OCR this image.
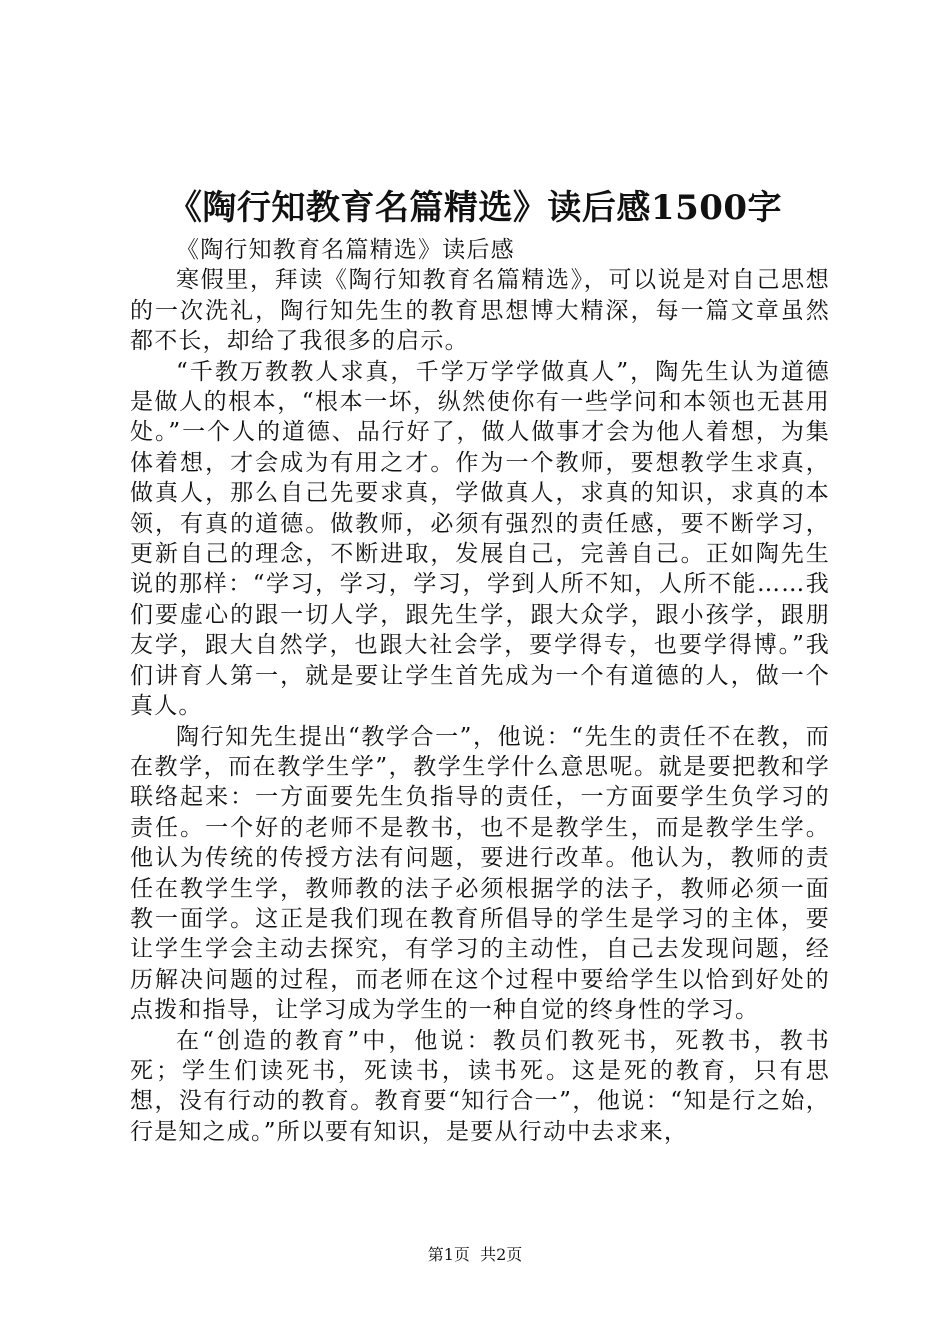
《陶行知教育名篇精选》读后感1500字

《陶行知教育名篇精选》读后感

寒假里，拜读《陶行知教育名篇精选》，可以说是对自己思想的一次洗礼，陶行知先生的教育思想博大精深，每一篇文章虽然都不长，却给了我很多的启示。

“千教万教教人求真，千学万学学做真人”，陶先生认为道德是做人的根本，“根本一坏，纵然使你有一些学问和本领也无甚用处。”一个人的道德、品行好了，做人做事才会为他人着想，为集体着想，才会成为有用之才。作为一个教师，要想教学生求真，做真人，那么自己先要求真，学做真人，求真的知识，求真的本领，有真的道德。做教师，必须有强烈的责任感，要不断学习，更新自己的理念，不断进取，发展自己，完善自己。正如陶先生说的那样：“学习，学习，学习，学到人所不知，人所不能……我们要虚心的跟一切人学，跟先生学，跟大众学，跟小孩学，跟朋友学，跟大自然学，也跟大社会学，要学得专，也要学得博。”我们讲育人第一，就是要让学生首先成为一个有道德的人，做一个真人。

陶行知先生提出“教学合一”，他说：“先生的责任不在教，而在教学，而在教学生学”，教学生学什么意思呢。就是要把教和学联络起来：一方面要先生负指导的责任，一方面要学生负学习的责任。一个好的老师不是教书，也不是教学生，而是教学生学。他认为传统的传授方法有问题，要进行改革。他认为，教师的责任在教学生学，教师教的法子必须根据学的法子，教师必须一面教一面学。这正是我们现在教育所倡导的学生是学习的主体，要让学生学会主动去探究，有学习的主动性，自己去发现问题，经历解决问题的过程，而老师在这个过程中要给学生以恰到好处的点拨和指导，让学习成为学生的一种自觉的终身性的学习。

在“创造的教育”中，他说：教员们教死书，死教书，教书死；学生们读死书，死读书，读书死。这是死的教育，只有思想，没有行动的教育。教育要“知行合一”，他说：“知是行之始，行是知之成。”所以要有知识，是要从行动中去求来，

第1页 共2页
